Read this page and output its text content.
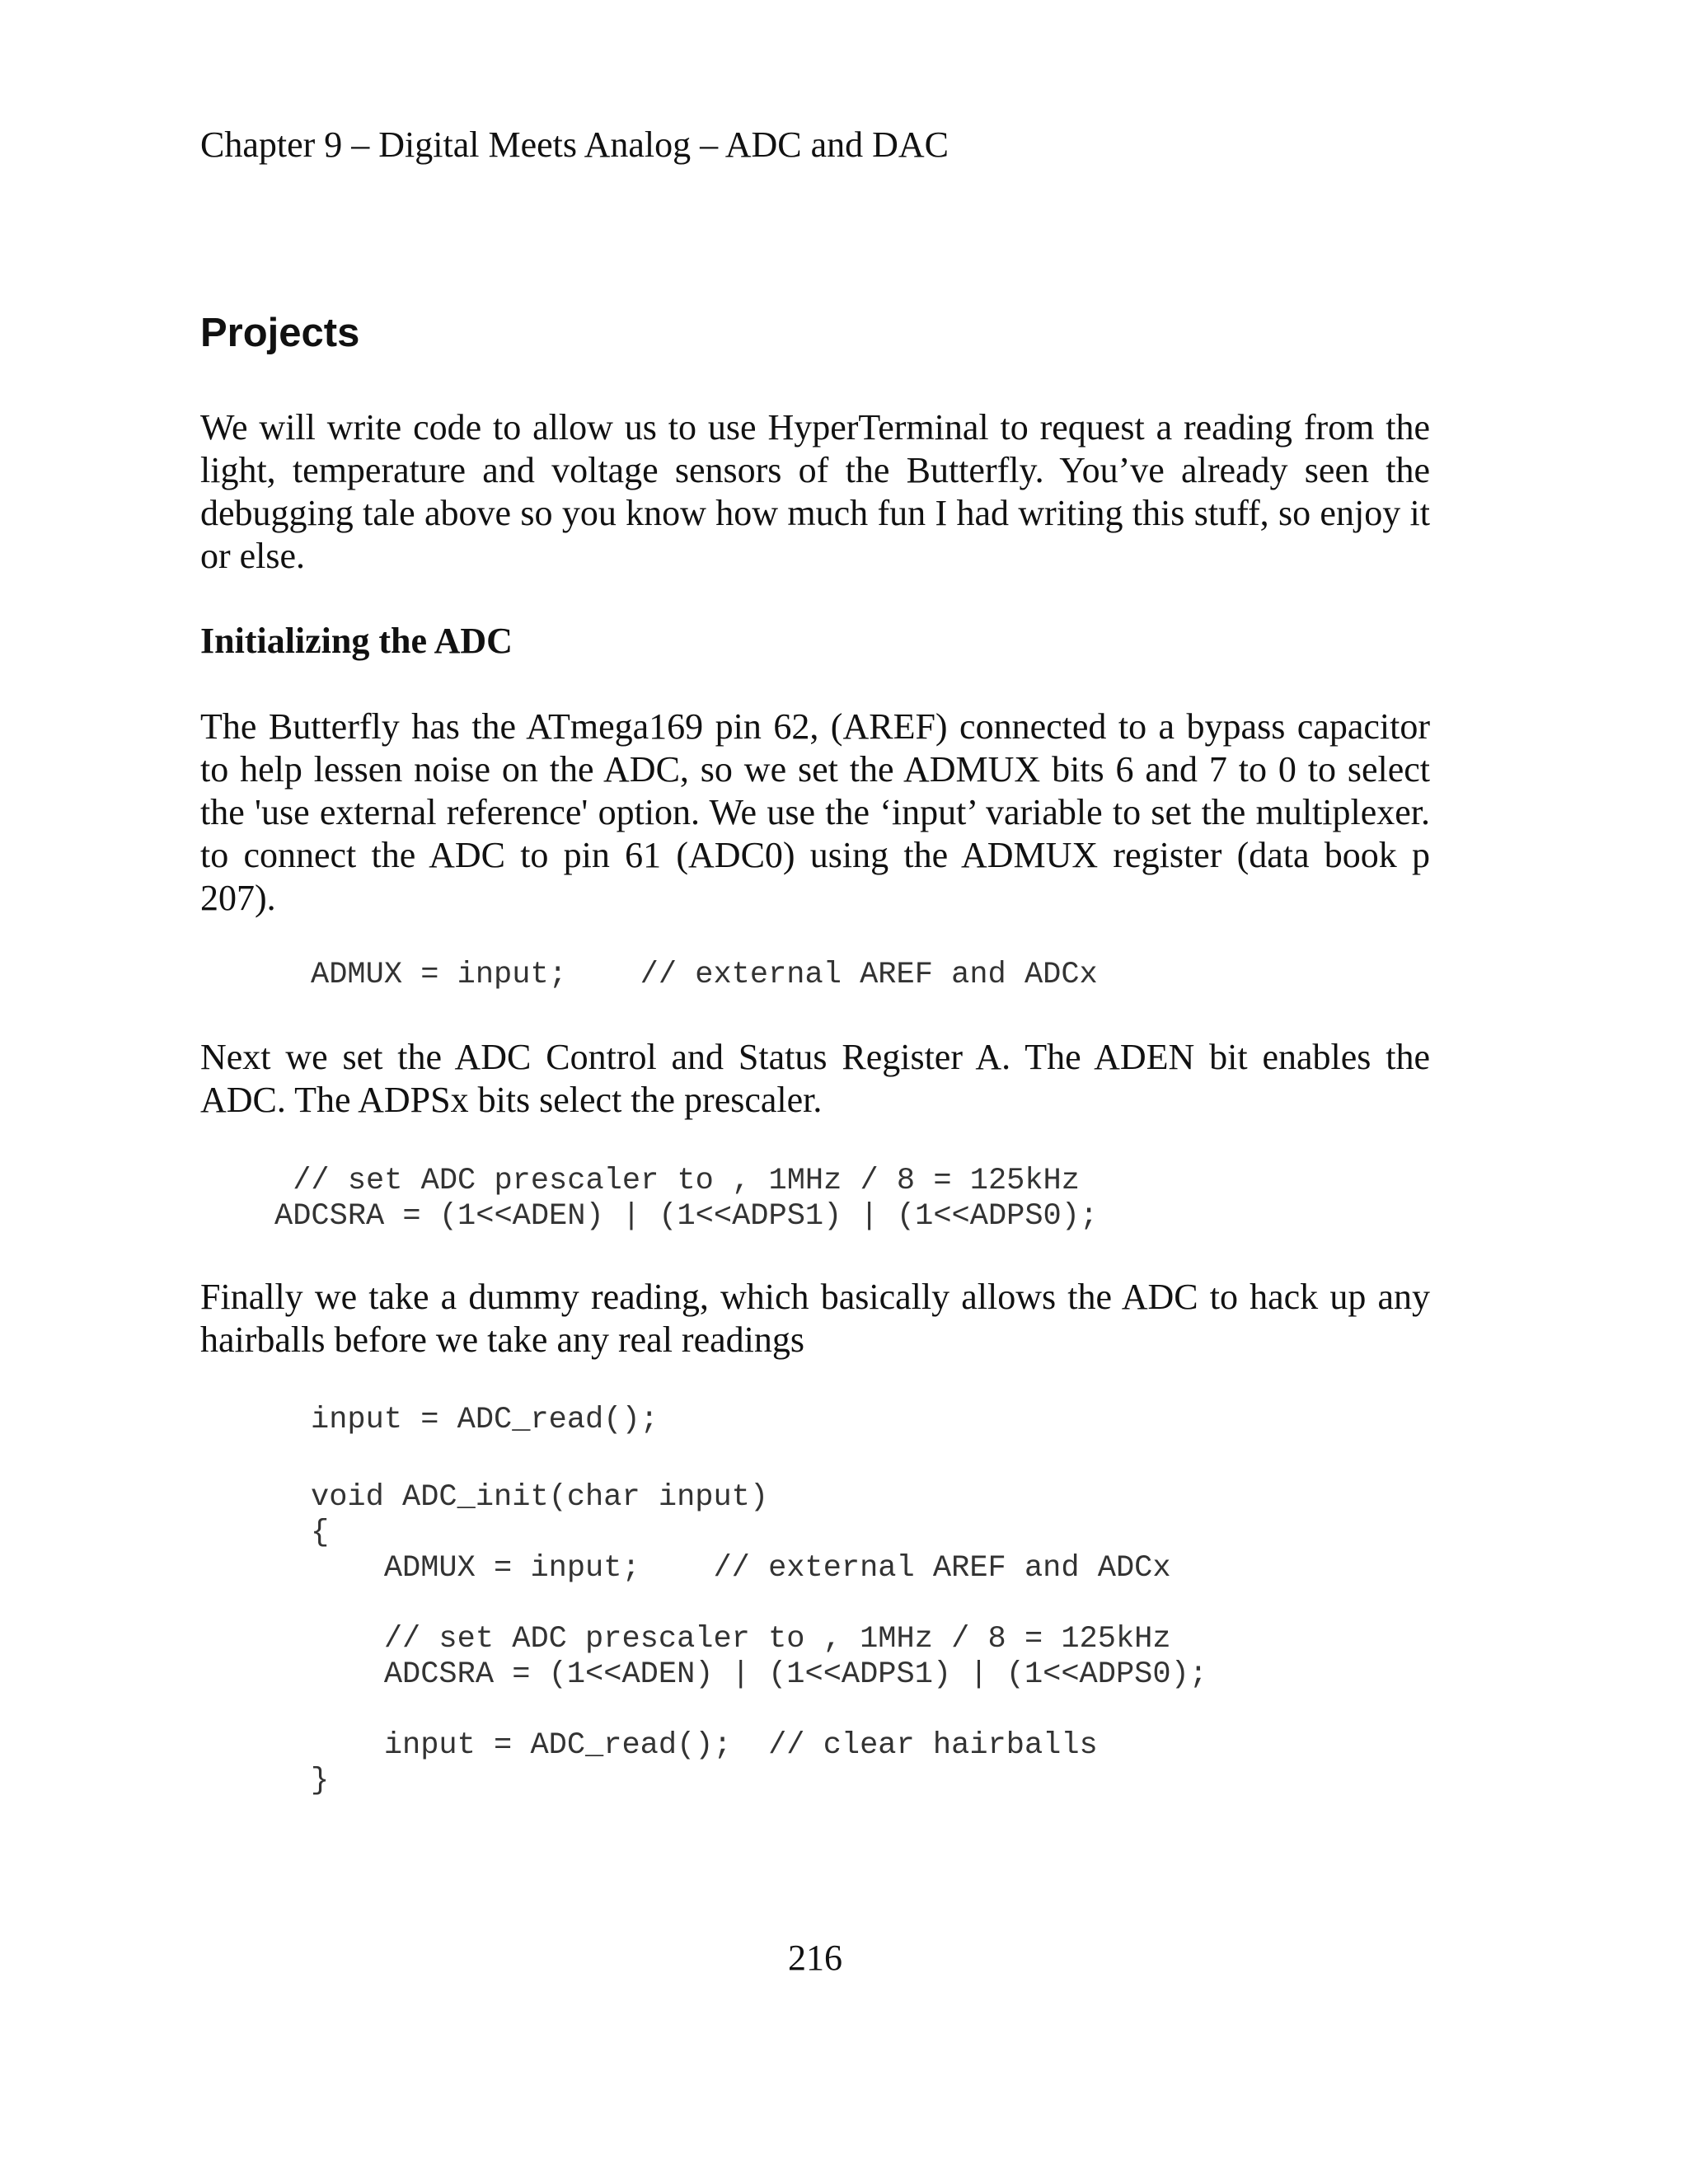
Chapter 9 – Digital Meets Analog – ADC and DAC
Projects

We will write code to allow us to use HyperTerminal to request a reading from the light, temperature and voltage sensors of the Butterfly. You’ve already seen the debugging tale above so you know how much fun I had writing this stuff, so enjoy it or else.

Initializing the ADC

The Butterfly has the ATmega169 pin 62, (AREF) connected to a bypass capacitor to help lessen noise on the ADC, so we set the ADMUX bits 6 and 7 to 0 to select the 'use external reference' option. We use the ‘input’ variable to set the multiplexer. to connect the ADC to pin 61 (ADC0) using the ADMUX register (data book p 207).

ADMUX = input;    // external AREF and ADCx

Next we set the ADC Control and Status Register A. The ADEN bit enables the ADC. The ADPSx bits select the prescaler.

// set ADC prescaler to , 1MHz / 8 = 125kHz
ADCSRA = (1<<ADEN) | (1<<ADPS1) | (1<<ADPS0);

Finally we take a dummy reading, which basically allows the ADC to hack up any hairballs before we take any real readings

input = ADC_read();
void ADC_init(char input)
{
ADMUX = input;    // external AREF and ADCx

// set ADC prescaler to , 1MHz / 8 = 125kHz
ADCSRA = (1<<ADEN) | (1<<ADPS1) | (1<<ADPS0);

input = ADC_read();  // clear hairballs
}
216
